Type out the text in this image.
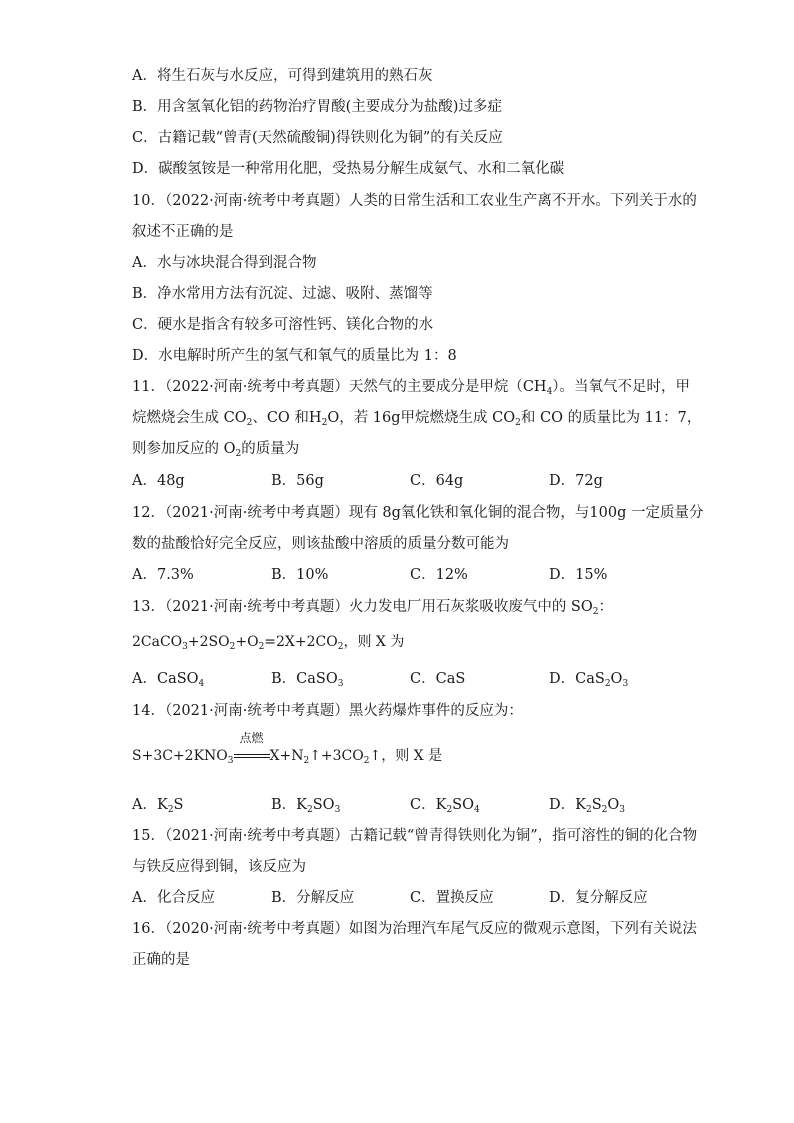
A．将生石灰与水反应，可得到建筑用的熟石灰
B．用含氢氧化铝的药物治疗胃酸(主要成分为盐酸)过多症
C．古籍记载“曾青(天然硫酸铜)得铁则化为铜”的有关反应
D．碳酸氢铵是一种常用化肥，受热易分解生成氨气、水和二氧化碳
10．（2022·河南·统考中考真题）人类的日常生活和工农业生产离不开水。下列关于水的
叙述不正确的是
A．水与冰块混合得到混合物
B．净水常用方法有沉淀、过滤、吸附、蒸馏等
C．硬水是指含有较多可溶性钙、镁化合物的水
D．水电解时所产生的氢气和氧气的质量比为 1：8
11．（2022·河南·统考中考真题）天然气的主要成分是甲烷$(CH_4)$。当氧气不足时，甲
烷燃烧会生成 $CO_2$、CO 和$H_2O$，若 16g甲烷燃烧生成 $CO_2$和 CO 的质量比为 11：7，
则参加反应的 $O_2$的质量为
A．48g	B．56g	C．64g	D．72g
12．（2021·河南·统考中考真题）现有 8g氧化铁和氧化铜的混合物，与100g 一定质量分
数的盐酸恰好完全反应，则该盐酸中溶质的质量分数可能为
A．7.3%	B．10%	C．12%	D．15%
13．（2021·河南·统考中考真题）火力发电厂用石灰浆吸收废气中的 $SO_2$：
$2CaCO_3+2SO_2+O_2=2X+2CO_2$，则 X 为
A．CaSO$_4$	B．CaSO$_3$	C．CaS	D．$CaS_2O_3$
14．（2021·河南·统考中考真题）黑火药爆炸事件的反应为：
$S+3C+2KNO_3$
点燃
$X+N_2↑+3CO_2↑$，则 X 是
A．$K_2S$	B．$K_2SO_3$	C．$K_2SO_4$	D．$K_2S_2O_3$
15．（2021·河南·统考中考真题）古籍记载“曾青得铁则化为铜”，指可溶性的铜的化合物
与铁反应得到铜，该反应为
A．化合反应	B．分解反应	C．置换反应	D．复分解反应
16．（2020·河南·统考中考真题）如图为治理汽车尾气反应的微观示意图，下列有关说法
正确的是
